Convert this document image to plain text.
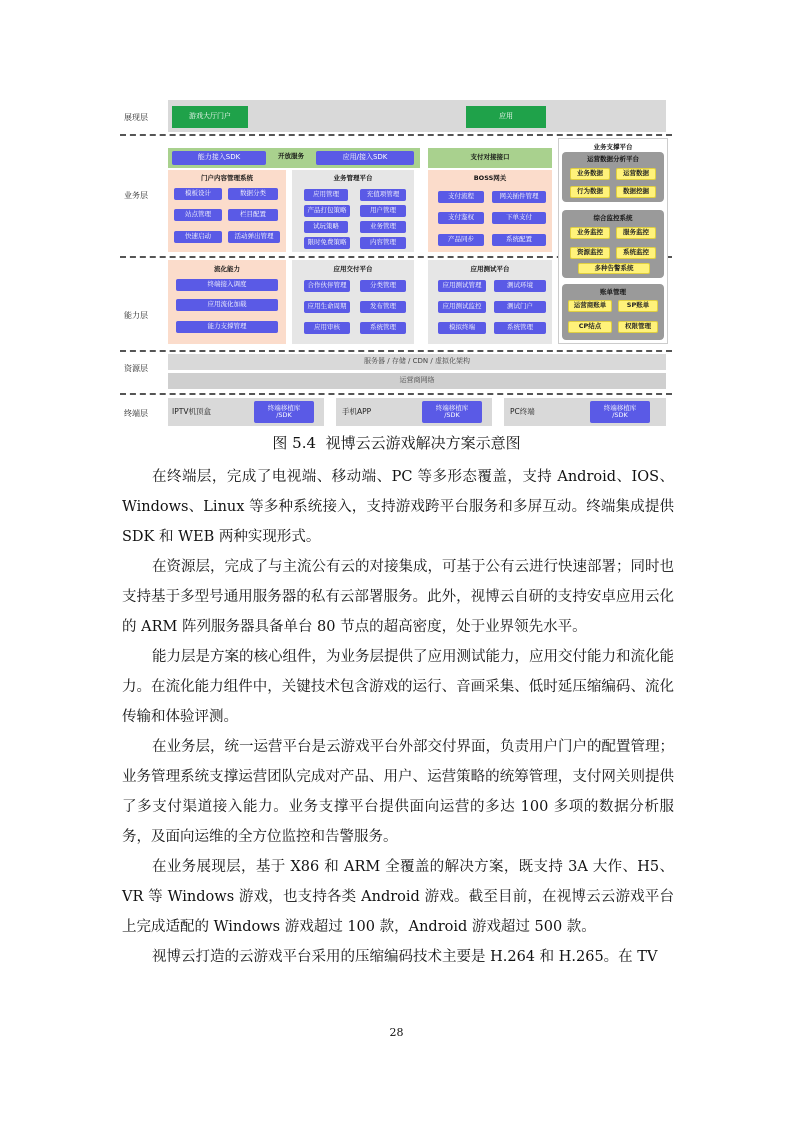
展现层
业务层
能力层
资源层
终端层
游戏大厅门户	应用
能力接入SDK	开放服务	应用/接入SDK	支付对接接口
门户内容管理系统
模板设计	数据分类
站点管理	栏目配置
快速启动	活动弹出管理
业务管理平台
应用管理	充值项管理
产品打包策略	用户管理
试玩策略	业务管理
限时免费策略	内容管理
BOSS网关
支付流程	网关插件管理
支付鉴权	下单支付
产品同步	系统配置
业务支撑平台
运营数据分析平台
业务数据	运营数据
行为数据	数据挖掘
综合监控系统
业务监控	服务监控
资源监控	系统监控
多种告警系统
账单管理
运营商账单	SP账单
CP结点	权限管理
流化能力
终端接入调度
应用流化加载
能力支撑管理
应用交付平台
合作伙伴管理	分类管理
应用生命周期	发布管理
应用审核	系统管理
应用测试平台
应用测试管理	测试环境
应用测试监控	测试门户
模拟终端	系统管理
服务器 / 存储 / CDN / 虚拟化架构
运营商网络
IPTV机顶盒	终端移植库
/SDK	手机APP	终端移植库
/SDK	PC终端	终端移植库
/SDK
图 5.4  视博云云游戏解决方案示意图

在终端层，完成了电视端、移动端、PC 等多形态覆盖，支持 Android、IOS、Windows、Linux 等多种系统接入，支持游戏跨平台服务和多屏互动。终端集成提供 SDK 和 WEB 两种实现形式。

在资源层，完成了与主流公有云的对接集成，可基于公有云进行快速部署；同时也支持基于多型号通用服务器的私有云部署服务。此外，视博云自研的支持安卓应用云化的 ARM 阵列服务器具备单台 80 节点的超高密度，处于业界领先水平。

能力层是方案的核心组件，为业务层提供了应用测试能力，应用交付能力和流化能力。在流化能力组件中，关键技术包含游戏的运行、音画采集、低时延压缩编码、流化传输和体验评测。

在业务层，统一运营平台是云游戏平台外部交付界面，负责用户门户的配置管理；业务管理系统支撑运营团队完成对产品、用户、运营策略的统筹管理，支付网关则提供了多支付渠道接入能力。业务支撑平台提供面向运营的多达 100 多项的数据分析服务，及面向运维的全方位监控和告警服务。

在业务展现层，基于 X86 和 ARM 全覆盖的解决方案，既支持 3A 大作、H5、VR 等 Windows 游戏，也支持各类 Android 游戏。截至目前，在视博云云游戏平台上完成适配的 Windows 游戏超过 100 款，Android 游戏超过 500 款。

视博云打造的云游戏平台采用的压缩编码技术主要是 H.264 和 H.265。在 TV

28
